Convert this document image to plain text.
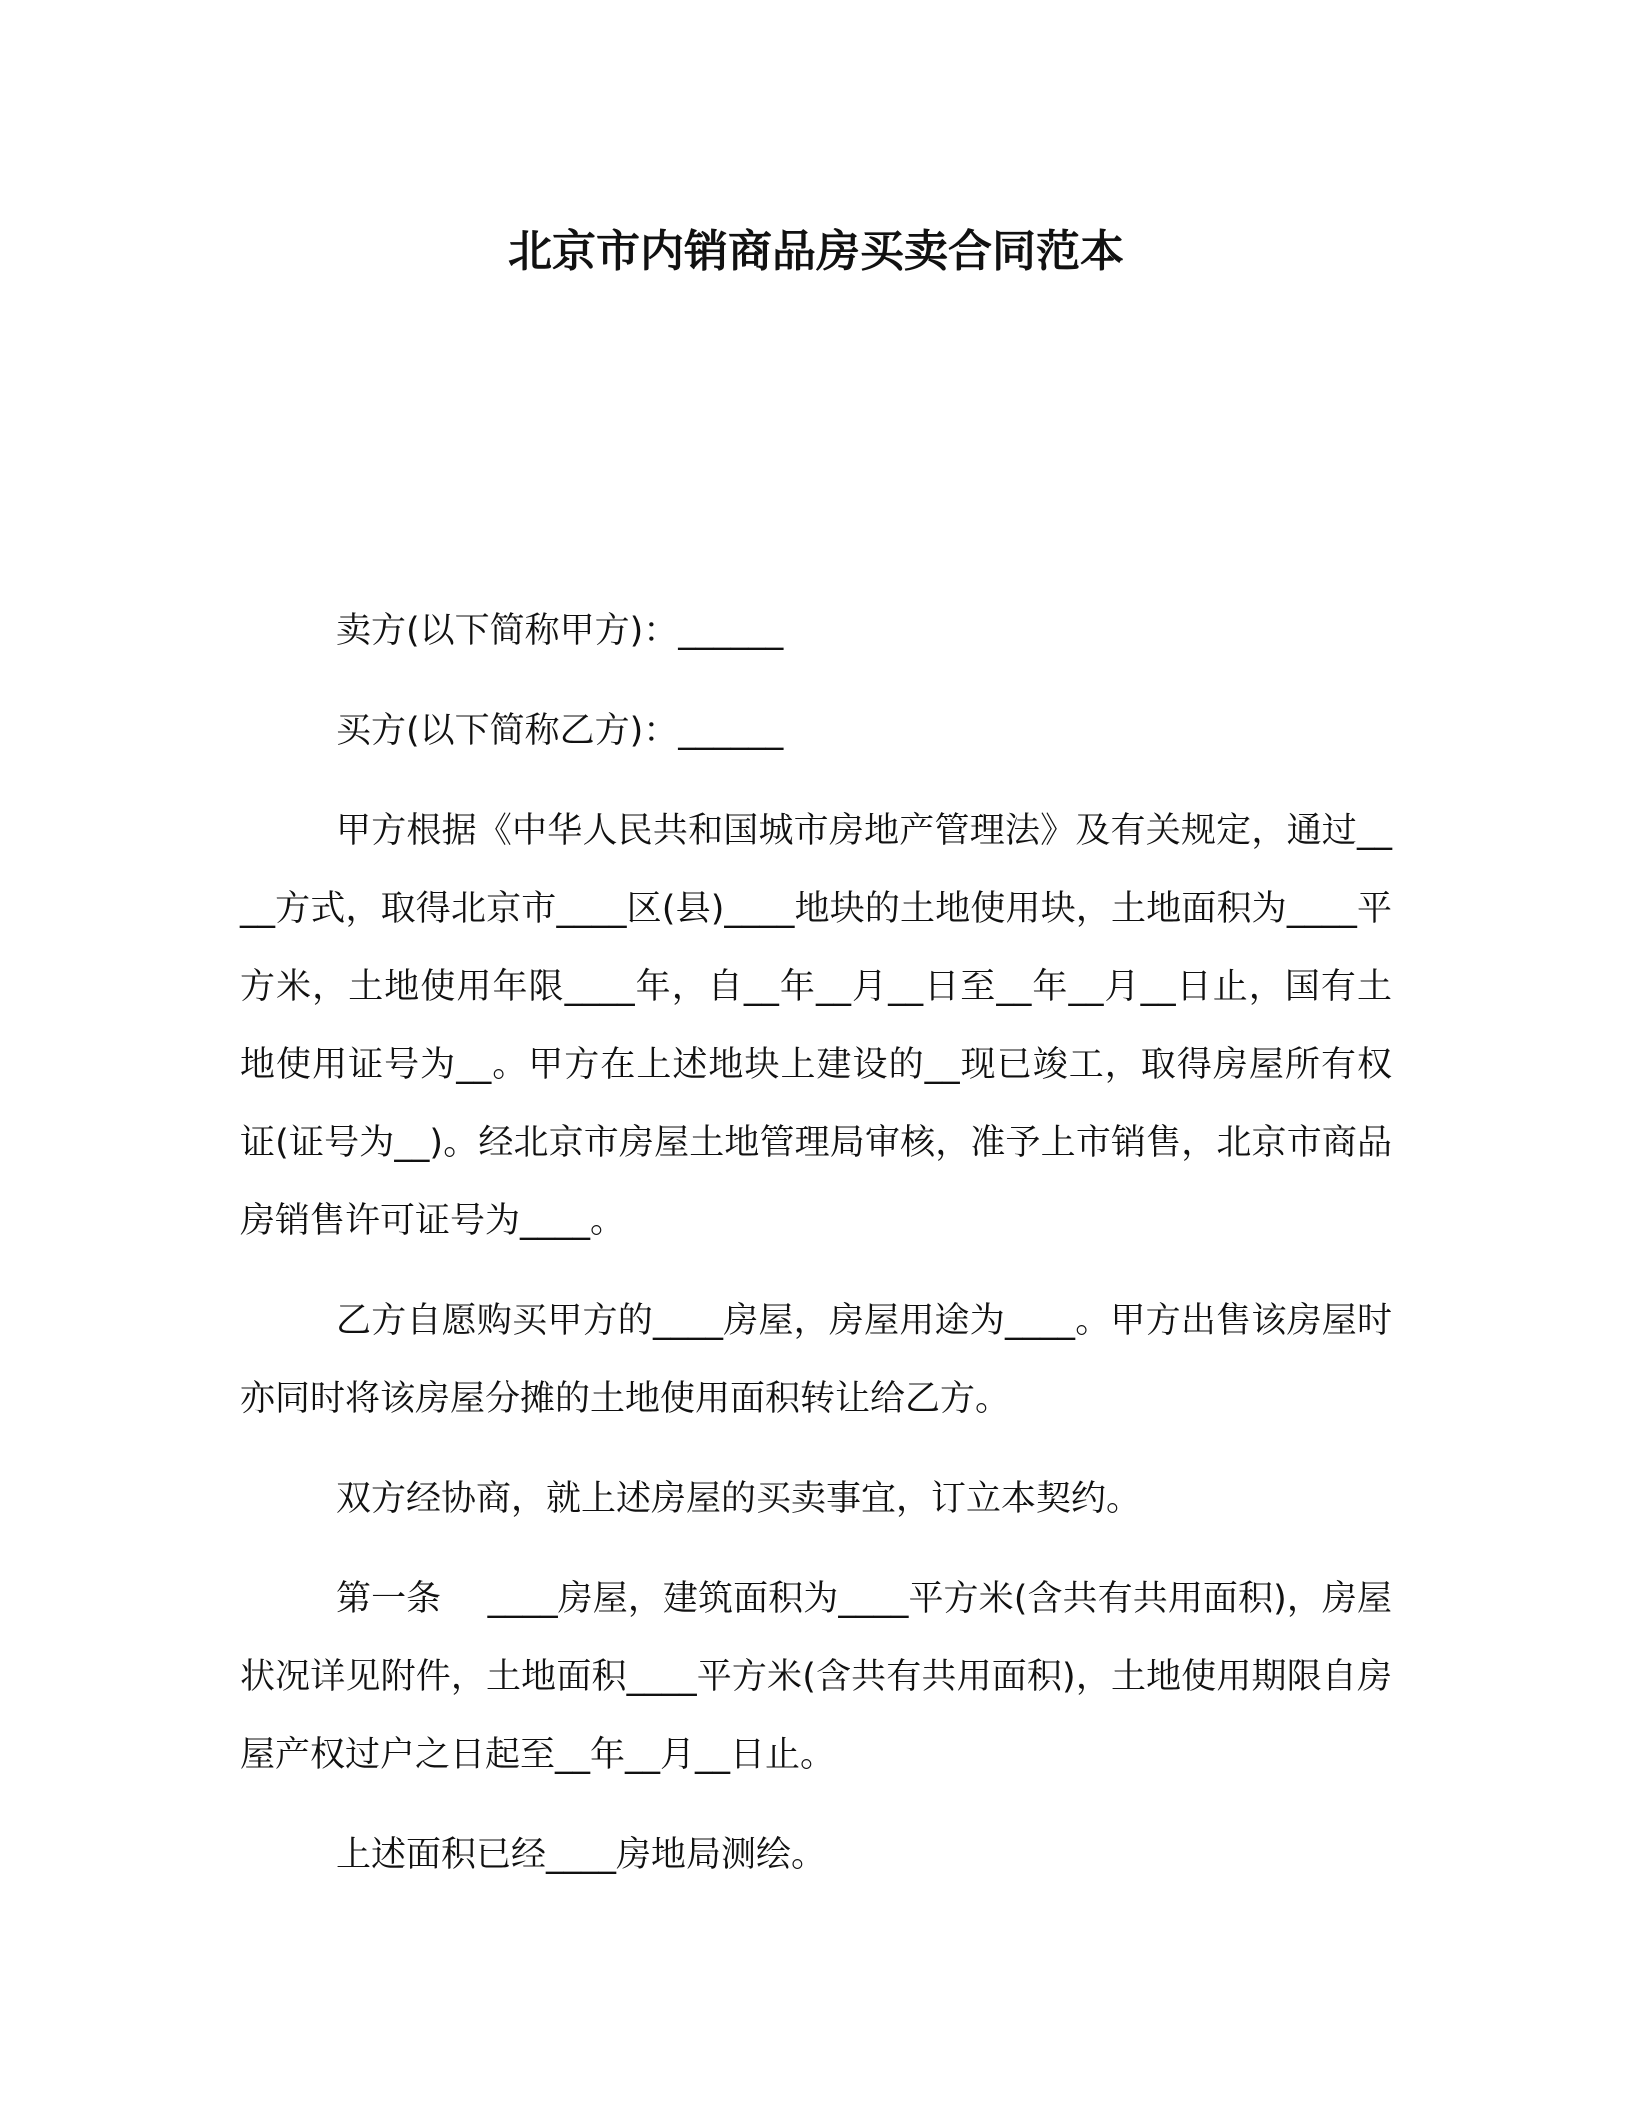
北京市内销商品房买卖合同范本

卖方(以下简称甲方)：______

买方(以下简称乙方)：______

甲方根据《中华人民共和国城市房地产管理法》及有关规定，通过____方式，取得北京市____区(县)____地块的土地使用块，土地面积为____平方米，土地使用年限____年，自__年__月__日至__年__月__日止，国有土地使用证号为__。甲方在上述地块上建设的__现已竣工，取得房屋所有权证(证号为__)。经北京市房屋土地管理局审核，准予上市销售，北京市商品房销售许可证号为____。

乙方自愿购买甲方的____房屋，房屋用途为____。甲方出售该房屋时亦同时将该房屋分摊的土地使用面积转让给乙方。

双方经协商，就上述房屋的买卖事宜，订立本契约。

第一条　 ____房屋，建筑面积为____平方米(含共有共用面积)，房屋状况详见附件，土地面积____平方米(含共有共用面积)，土地使用期限自房屋产权过户之日起至__年__月__日止。

上述面积已经____房地局测绘。
